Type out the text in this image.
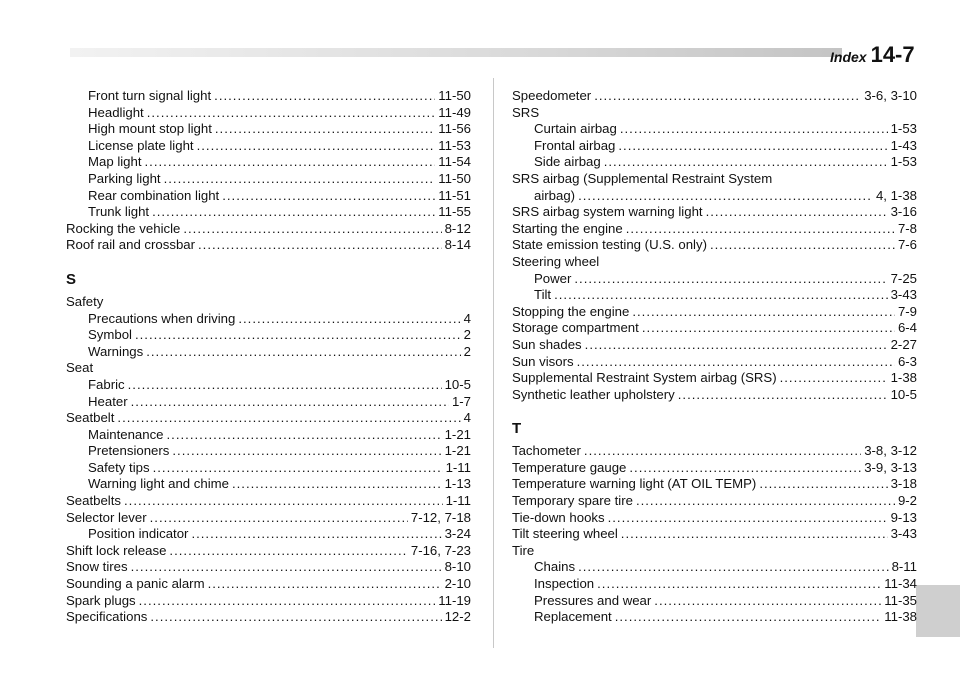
Index 14-7
Front turn signal light .....	11-50
Headlight .....	11-49
High mount stop light .....	11-56
License plate light .....	11-53
Map light .....	11-54
Parking light .....	11-50
Rear combination light .....	11-51
Trunk light .....	11-55
Rocking the vehicle .....	8-12
Roof rail and crossbar .....	8-14
S
Safety
Precautions when driving .....	4
Symbol .....	2
Warnings .....	2
Seat
Fabric .....	10-5
Heater .....	1-7
Seatbelt .....	4
Maintenance .....	1-21
Pretensioners .....	1-21
Safety tips .....	1-11
Warning light and chime .....	1-13
Seatbelts .....	1-11
Selector lever .....	7-12, 7-18
Position indicator .....	3-24
Shift lock release .....	7-16, 7-23
Snow tires .....	8-10
Sounding a panic alarm .....	2-10
Spark plugs .....	11-19
Specifications .....	12-2
Speedometer .....	3-6, 3-10
SRS
Curtain airbag .....	1-53
Frontal airbag .....	1-43
Side airbag .....	1-53
SRS airbag (Supplemental Restraint System
airbag) .....	4, 1-38
SRS airbag system warning light .....	3-16
Starting the engine .....	7-8
State emission testing (U.S. only) .....	7-6
Steering wheel
Power .....	7-25
Tilt .....	3-43
Stopping the engine .....	7-9
Storage compartment .....	6-4
Sun shades .....	2-27
Sun visors .....	6-3
Supplemental Restraint System airbag (SRS) .....	1-38
Synthetic leather upholstery .....	10-5
T
Tachometer .....	3-8, 3-12
Temperature gauge .....	3-9, 3-13
Temperature warning light (AT OIL TEMP) .....	3-18
Temporary spare tire .....	9-2
Tie-down hooks .....	9-13
Tilt steering wheel .....	3-43
Tire
Chains .....	8-11
Inspection .....	11-34
Pressures and wear .....	11-35
Replacement .....	11-38
